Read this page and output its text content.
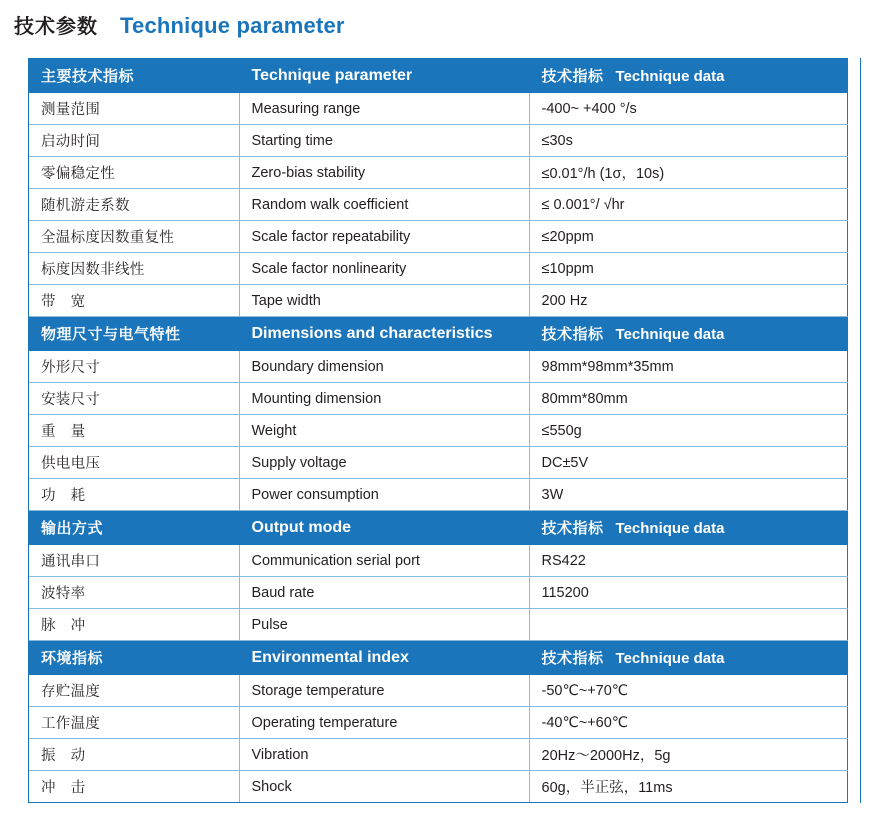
技术参数 Technique parameter
主要技术指标	Technique parameter	技术指标 Technique data
测量范围	Measuring range	-400~ +400 °/s
启动时间	Starting time	≤30s
零偏稳定性	Zero-bias stability	≤0.01°/h (1σ，10s)
随机游走系数	Random walk coefficient	≤ 0.001°/ √hr
全温标度因数重复性	Scale factor repeatability	≤20ppm
标度因数非线性	Scale factor nonlinearity	≤10ppm
带　宽	Tape width	200 Hz
物理尺寸与电气特性	Dimensions and characteristics	技术指标 Technique data
外形尺寸	Boundary dimension	98mm*98mm*35mm
安装尺寸	Mounting dimension	80mm*80mm
重　量	Weight	≤550g
供电电压	Supply voltage	DC±5V
功　耗	Power consumption	3W
输出方式	Output mode	技术指标 Technique data
通讯串口	Communication serial port	RS422
波特率	Baud rate	115200
脉　冲	Pulse	
环境指标	Environmental index	技术指标 Technique data
存贮温度	Storage temperature	-50℃~+70℃
工作温度	Operating temperature	-40℃~+60℃
振　动	Vibration	20Hz～2000Hz，5g
冲　击	Shock	60g，半正弦，11ms
